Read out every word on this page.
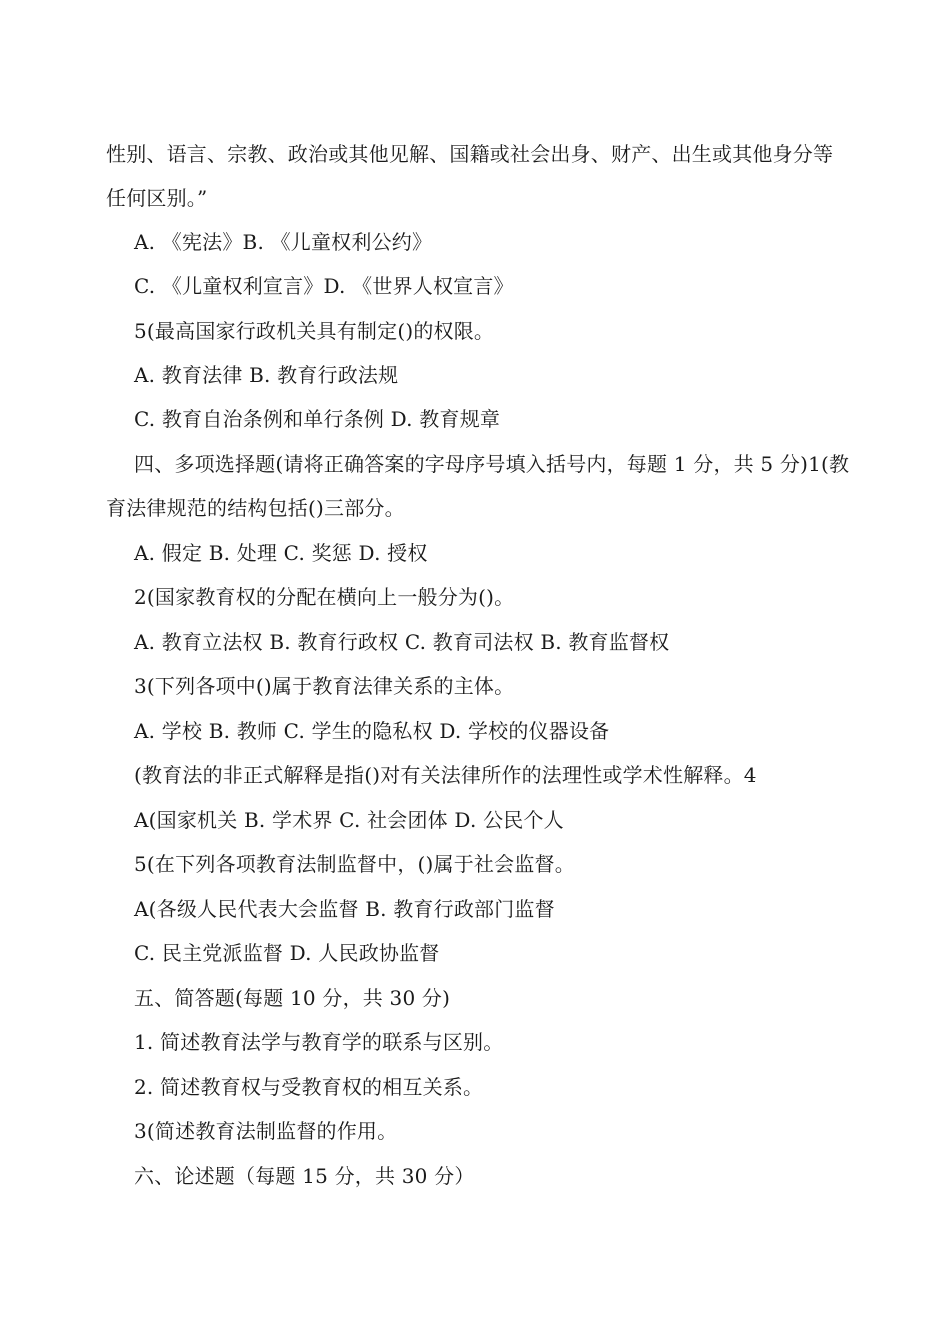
性别、语言、宗教、政治或其他见解、国籍或社会出身、财产、出生或其他身分等
任何区别。”
A. 《宪法》B. 《儿童权利公约》
C. 《儿童权利宣言》D. 《世界人权宣言》
5(最高国家行政机关具有制定()的权限。
A. 教育法律 B. 教育行政法规
C. 教育自治条例和单行条例 D. 教育规章
四、多项选择题(请将正确答案的字母序号填入括号内，每题 1 分，共 5 分)1(教
育法律规范的结构包括()三部分。
A. 假定 B. 处理 C. 奖惩 D. 授权
2(国家教育权的分配在横向上一般分为()。
A. 教育立法权 B. 教育行政权 C. 教育司法权 B. 教育监督权
3(下列各项中()属于教育法律关系的主体。
A. 学校 B. 教师 C. 学生的隐私权 D. 学校的仪器设备
(教育法的非正式解释是指()对有关法律所作的法理性或学术性解释。4
A(国家机关 B. 学术界 C. 社会团体 D. 公民个人
5(在下列各项教育法制监督中，()属于社会监督。
A(各级人民代表大会监督 B. 教育行政部门监督
C. 民主党派监督 D. 人民政协监督
五、简答题(每题 10 分，共 30 分)
1. 简述教育法学与教育学的联系与区别。
2. 简述教育权与受教育权的相互关系。
3(简述教育法制监督的作用。
六、论述题（每题 15 分，共 30 分）
